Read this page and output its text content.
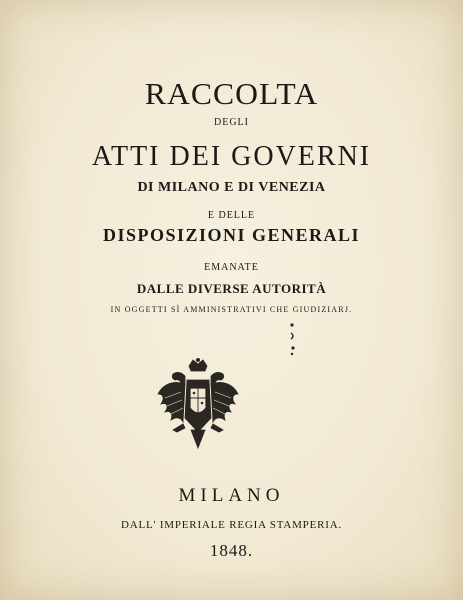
RACCOLTA
DEGLI
ATTI DEI GOVERNI
DI MILANO E DI VENEZIA
E DELLE
DISPOSIZIONI GENERALI
EMANATE
DALLE DIVERSE AUTORITÀ
IN OGGETTI SÌ AMMINISTRATIVI CHE GIUDIZIARJ.
MILANO
DALL' IMPERIALE REGIA STAMPERIA.
1848.
